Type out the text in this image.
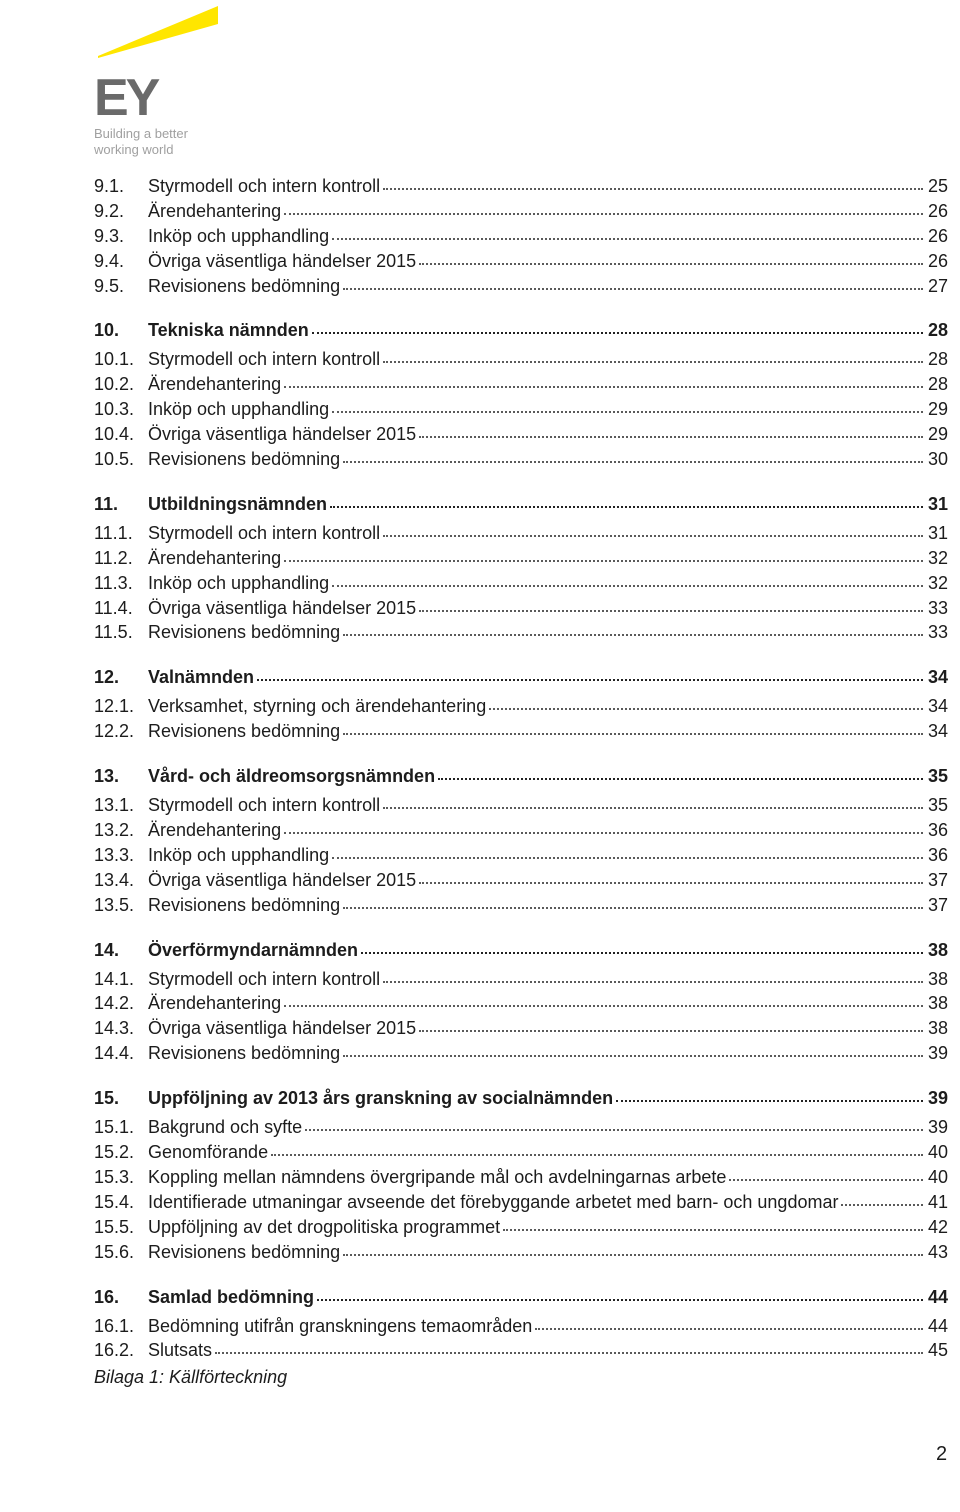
EY
Building a better
working world
9.1.	Styrmodell och intern kontroll	25
9.2.	Ärendehantering	26
9.3.	Inköp och upphandling	26
9.4.	Övriga väsentliga händelser 2015	26
9.5.	Revisionens bedömning	27
10.	Tekniska nämnden	28
10.1. Styrmodell och intern kontroll	28
10.2. Ärendehantering	28
10.3. Inköp och upphandling	29
10.4. Övriga väsentliga händelser 2015	29
10.5. Revisionens bedömning	30
11.	Utbildningsnämnden	31
11.1. Styrmodell och intern kontroll	31
11.2. Ärendehantering	32
11.3. Inköp och upphandling	32
11.4. Övriga väsentliga händelser 2015	33
11.5. Revisionens bedömning	33
12.	Valnämnden	34
12.1. Verksamhet, styrning och ärendehantering	34
12.2. Revisionens bedömning	34
13.	Vård- och äldreomsorgsnämnden	35
13.1. Styrmodell och intern kontroll	35
13.2. Ärendehantering	36
13.3. Inköp och upphandling	36
13.4. Övriga väsentliga händelser 2015	37
13.5. Revisionens bedömning	37
14.	Överförmyndarnämnden	38
14.1. Styrmodell och intern kontroll	38
14.2. Ärendehantering	38
14.3. Övriga väsentliga händelser 2015	38
14.4. Revisionens bedömning	39
15.	Uppföljning av 2013 års granskning av socialnämnden	39
15.1. Bakgrund och syfte	39
15.2. Genomförande	40
15.3. Koppling mellan nämndens övergripande mål och avdelningarnas arbete	40
15.4. Identifierade utmaningar avseende det förebyggande arbetet med barn- och ungdomar	41
15.5. Uppföljning av det drogpolitiska programmet	42
15.6. Revisionens bedömning	43
16.	Samlad bedömning	44
16.1. Bedömning utifrån granskningens temaområden	44
16.2. Slutsats	45
Bilaga 1: Källförteckning
2
